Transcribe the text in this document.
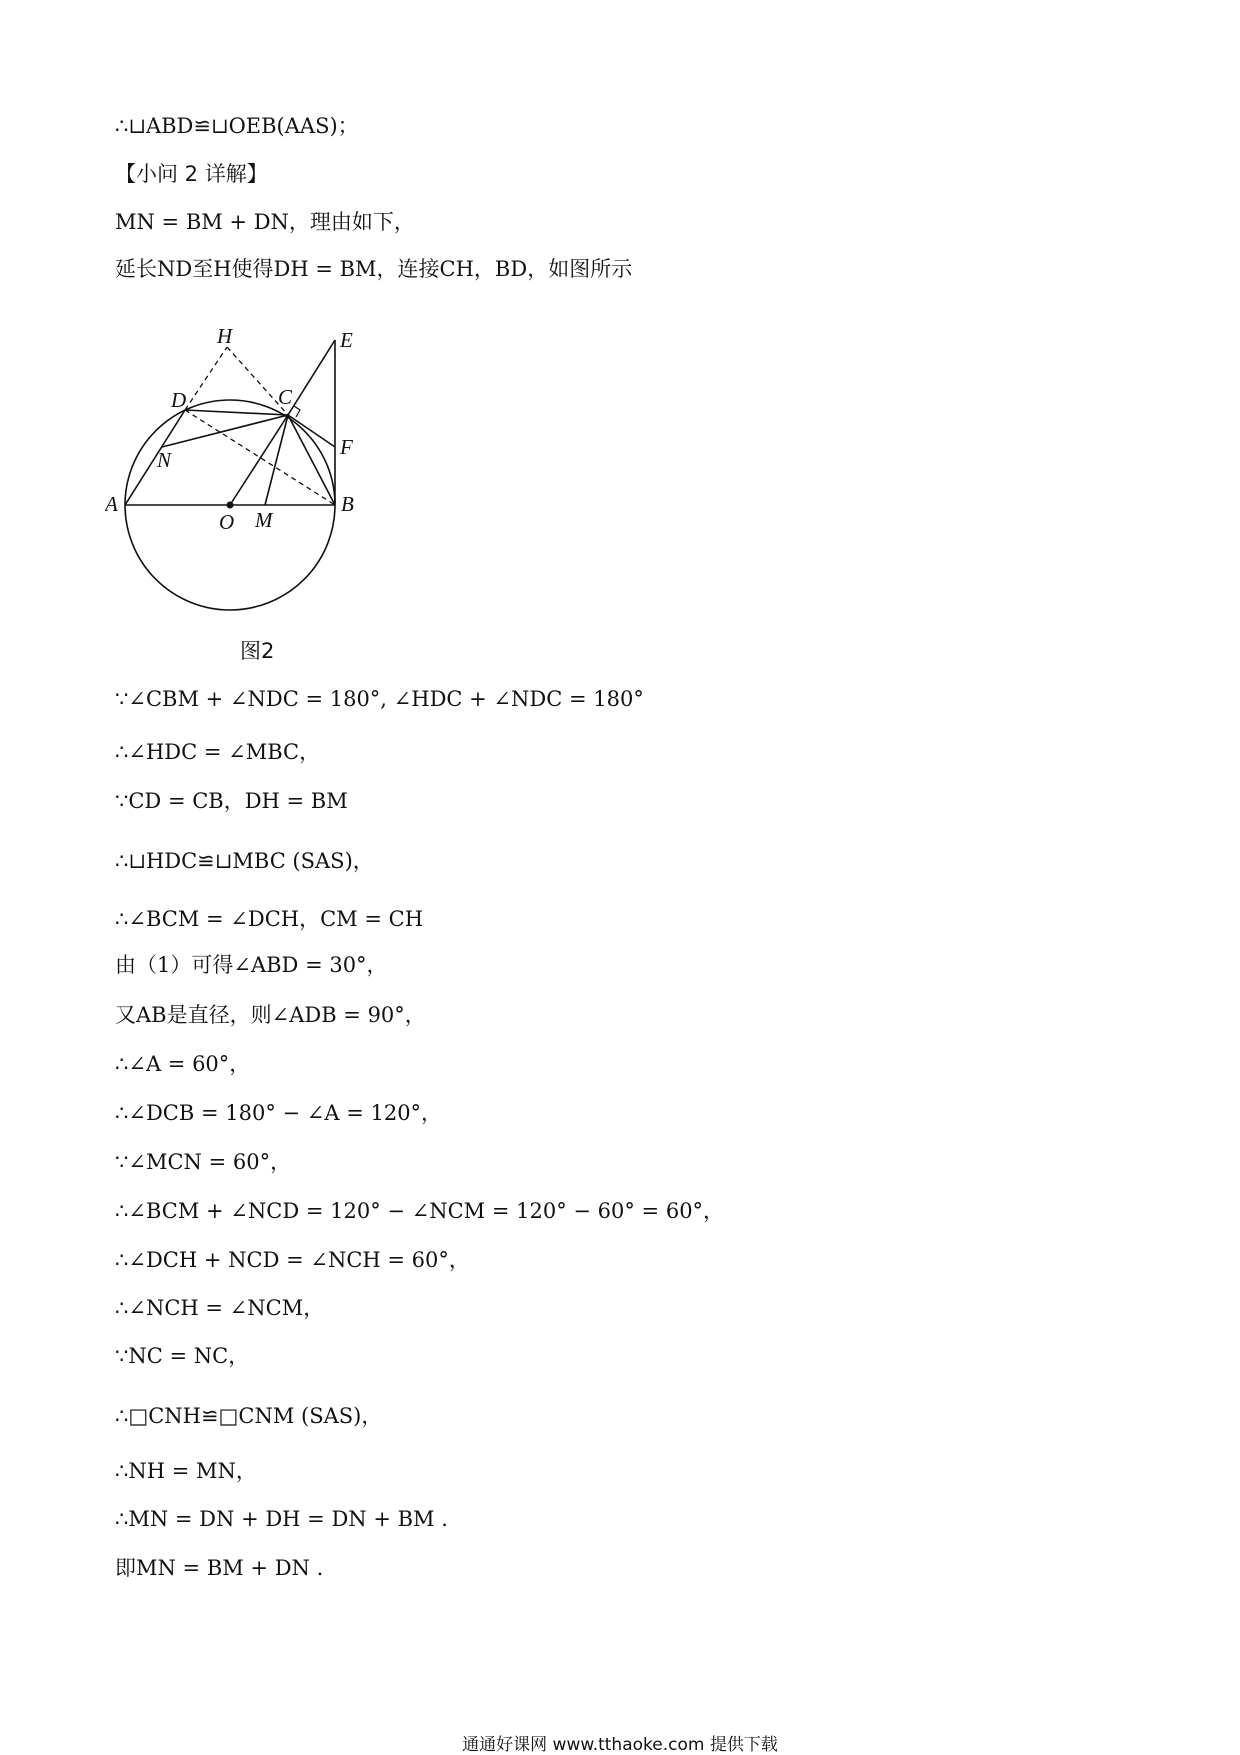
∴⊔ABD≌⊔OEB(AAS)；
【小问 2 详解】
MN = BM + DN，理由如下，
延长ND至H使得DH = BM，连接CH，BD，如图所示
H	E
D	C
F
N
A
O M
B
图2
∵∠CBM + ∠NDC = 180°, ∠HDC + ∠NDC = 180°
∴∠HDC = ∠MBC，
∵CD = CB，DH = BM
∴⊔HDC≌⊔MBC (SAS)，
∴∠BCM = ∠DCH，CM = CH
由（1）可得∠ABD = 30°，
又AB是直径，则∠ADB = 90°，
∴∠A = 60°，
∴∠DCB = 180° − ∠A = 120°，
∵∠MCN = 60°，
∴∠BCM + ∠NCD = 120° − ∠NCM = 120° − 60° = 60°，
∴∠DCH + NCD = ∠NCH = 60°，
∴∠NCH = ∠NCM，
∵NC = NC，
∴□CNH≌□CNM (SAS)，
∴NH = MN，
∴MN = DN + DH = DN + BM .
即MN = BM + DN .
通通好课网 www.tthaoke.com 提供下载
